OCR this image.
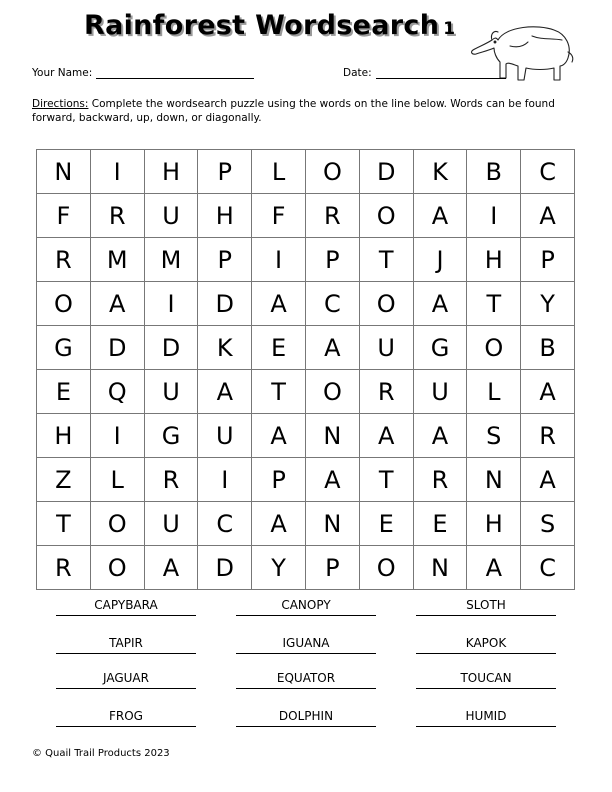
Rainforest Wordsearch 1
Your Name:	Date:
Directions: Complete the wordsearch puzzle using the words on the line below. Words can be found forward, backward, up, down, or diagonally.
N	I	H	P	L	O	D	K	B	C
F	R	U	H	F	R	O	A	I	A
R	M	M	P	I	P	T	J	H	P
O	A	I	D	A	C	O	A	T	Y
G	D	D	K	E	A	U	G	O	B
E	Q	U	A	T	O	R	U	L	A
H	I	G	U	A	N	A	A	S	R
Z	L	R	I	P	A	T	R	N	A
T	O	U	C	A	N	E	E	H	S
R	O	A	D	Y	P	O	N	A	C
CAPYBARA	CANOPY	SLOTH
TAPIR	IGUANA	KAPOK
JAGUAR	EQUATOR	TOUCAN
FROG	DOLPHIN	HUMID
© Quail Trail Products 2023
